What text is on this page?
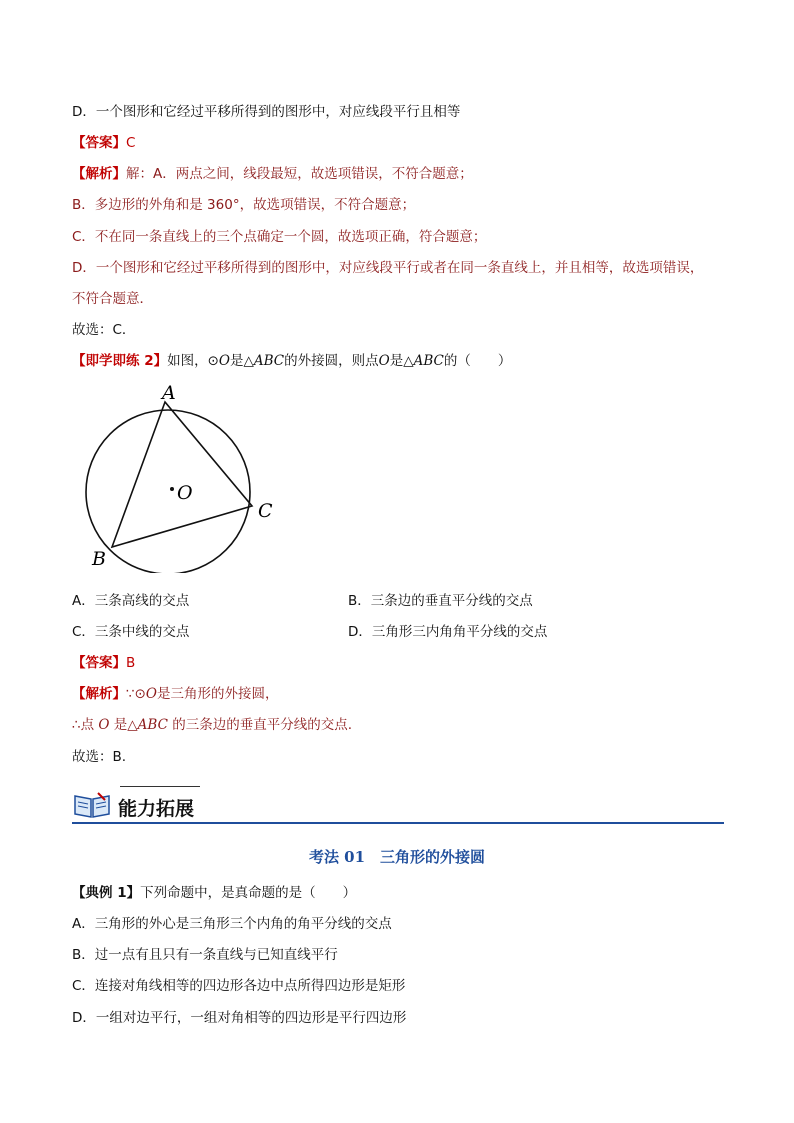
D．一个图形和它经过平移所得到的图形中，对应线段平行且相等
【答案】C
【解析】解：A．两点之间，线段最短，故选项错误，不符合题意；
B．多边形的外角和是 360°，故选项错误，不符合题意；
C．不在同一条直线上的三个点确定一个圆，故选项正确，符合题意；
D．一个图形和它经过平移所得到的图形中，对应线段平行或者在同一条直线上，并且相等，故选项错误，
不符合题意．
故选：C．
【即学即练 2】如图，⊙O是△ABC的外接圆，则点O是△ABC的（　　）
A
B
C
O
A．三条高线的交点	B．三条边的垂直平分线的交点
C．三条中线的交点	D．三角形三内角角平分线的交点
【答案】B
【解析】∵⊙O是三角形的外接圆，
∴点 O 是△ABC 的三条边的垂直平分线的交点.
故选：B.
能力拓展
考法 01　三角形的外接圆
【典例 1】下列命题中，是真命题的是（　　）
A．三角形的外心是三角形三个内角的角平分线的交点
B．过一点有且只有一条直线与已知直线平行
C．连接对角线相等的四边形各边中点所得四边形是矩形
D．一组对边平行，一组对角相等的四边形是平行四边形
